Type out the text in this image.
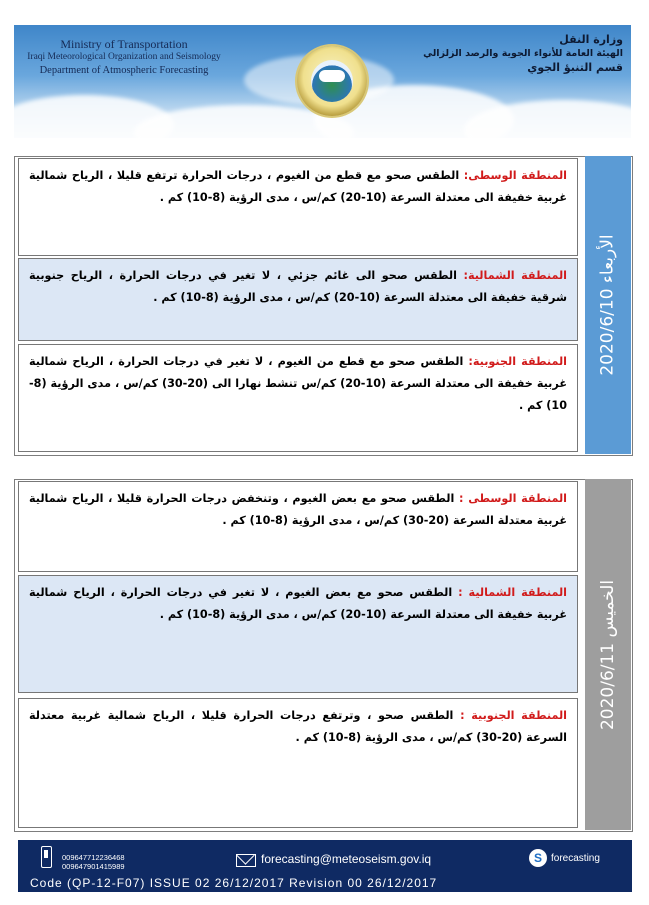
Ministry of Transportation
Iraqi Meteorological Organization and Seismology
Department of Atmospheric Forecasting
وزارة النقل
الهيئة العامة للأنواء الجوية والرصد الزلزالي
قسم التنبؤ الجوي
الأربعاء 2020/6/10
المنطقة الوسطى: الطقس صحو مع قطع من الغيوم ، درجات الحرارة ترتفع قليلا ، الرياح شمالية غربية خفيفة الى معتدلة السرعة (10-20) كم/س ، مدى الرؤية (8-10) كم .
المنطقة الشمالية: الطقس صحو الى غائم جزئي ، لا تغير في درجات الحرارة ، الرياح جنوبية شرقية خفيفة الى معتدلة السرعة (10-20) كم/س ، مدى الرؤية (8-10) كم .
المنطقة الجنوبية: الطقس صحو مع قطع من الغيوم ، لا تغير في درجات الحرارة ، الرياح شمالية غربية خفيفة الى معتدلة السرعة (10-20) كم/س تنشط نهارا الى (20-30) كم/س ، مدى الرؤية (8-10) كم .
الخميس 2020/6/11
المنطقة الوسطى : الطقس صحو مع بعض الغيوم ، وتنخفض درجات الحرارة قليلا ، الرياح شمالية غربية معتدلة السرعة (20-30) كم/س ، مدى الرؤية (8-10) كم .
المنطقة الشمالية : الطقس صحو مع بعض الغيوم ، لا تغير في درجات الحرارة ، الرياح شمالية غربية خفيفة الى معتدلة السرعة (10-20) كم/س ، مدى الرؤية (8-10) كم .
المنطقة الجنوبية : الطقس صحو ، وترتفع درجات الحرارة قليلا ، الرياح شمالية غربية معتدلة السرعة (20-30) كم/س ، مدى الرؤية (8-10) كم .
009647712236468
009647901415989
forecasting@meteoseism.gov.iq	S forecasting
Code (QP-12-F07) ISSUE 02 26/12/2017 Revision 00 26/12/2017
